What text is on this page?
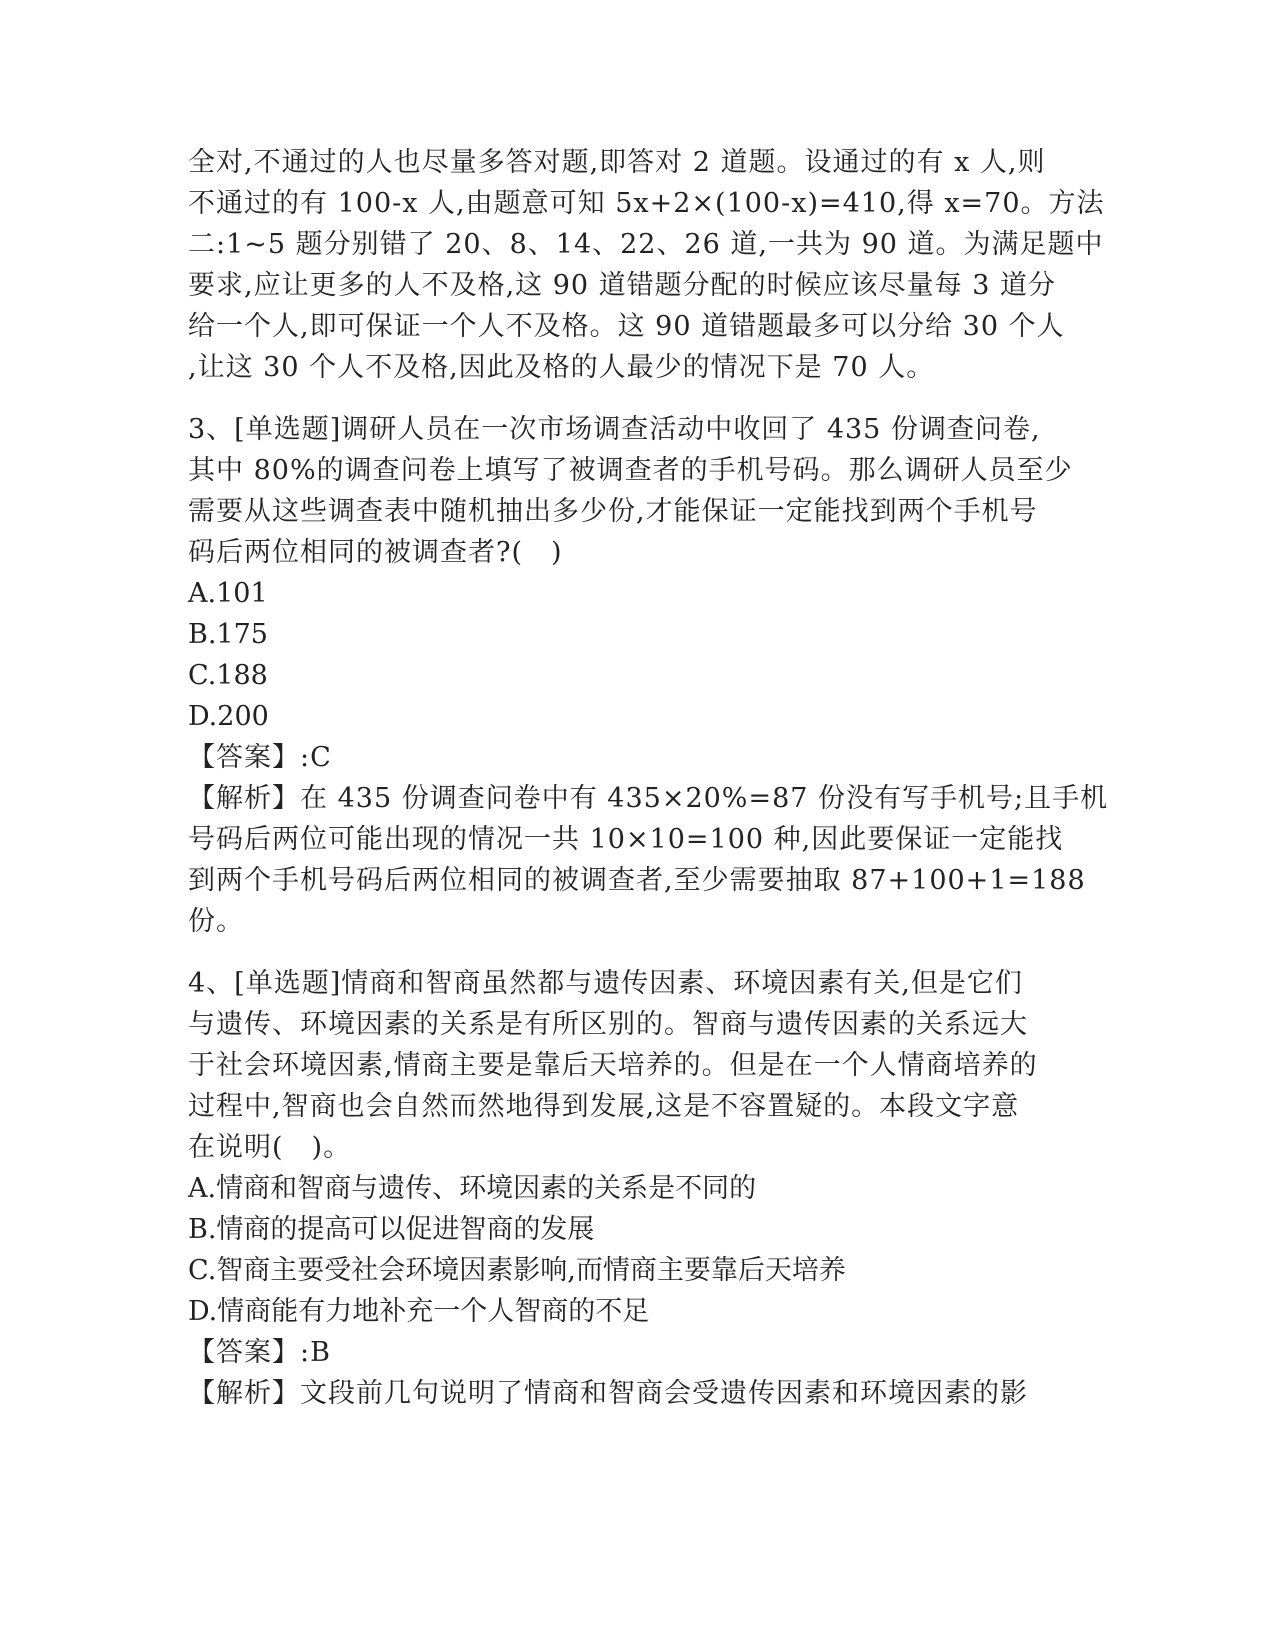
全对,不通过的人也尽量多答对题,即答对 2 道题。设通过的有 x 人,则

不通过的有 100-x 人,由题意可知 5x+2×(100-x)=410,得 x=70。方法

二:1~5 题分别错了 20、8、14、22、26 道,一共为 90 道。为满足题中

要求,应让更多的人不及格,这 90 道错题分配的时候应该尽量每 3 道分

给一个人,即可保证一个人不及格。这 90 道错题最多可以分给 30 个人

,让这 30 个人不及格,因此及格的人最少的情况下是 70 人。

3、[单选题]调研人员在一次市场调查活动中收回了 435 份调查问卷,

其中 80%的调查问卷上填写了被调查者的手机号码。那么调研人员至少

需要从这些调查表中随机抽出多少份,才能保证一定能找到两个手机号

码后两位相同的被调查者?(　)

A.101

B.175

C.188

D.200

【答案】:C

【解析】在 435 份调查问卷中有 435×20%=87 份没有写手机号;且手机

号码后两位可能出现的情况一共 10×10=100 种,因此要保证一定能找

到两个手机号码后两位相同的被调查者,至少需要抽取 87+100+1=188

份。

4、[单选题]情商和智商虽然都与遗传因素、环境因素有关,但是它们

与遗传、环境因素的关系是有所区别的。智商与遗传因素的关系远大

于社会环境因素,情商主要是靠后天培养的。但是在一个人情商培养的

过程中,智商也会自然而然地得到发展,这是不容置疑的。本段文字意

在说明(　)。

A.情商和智商与遗传、环境因素的关系是不同的

B.情商的提高可以促进智商的发展

C.智商主要受社会环境因素影响,而情商主要靠后天培养

D.情商能有力地补充一个人智商的不足

【答案】:B

【解析】文段前几句说明了情商和智商会受遗传因素和环境因素的影
